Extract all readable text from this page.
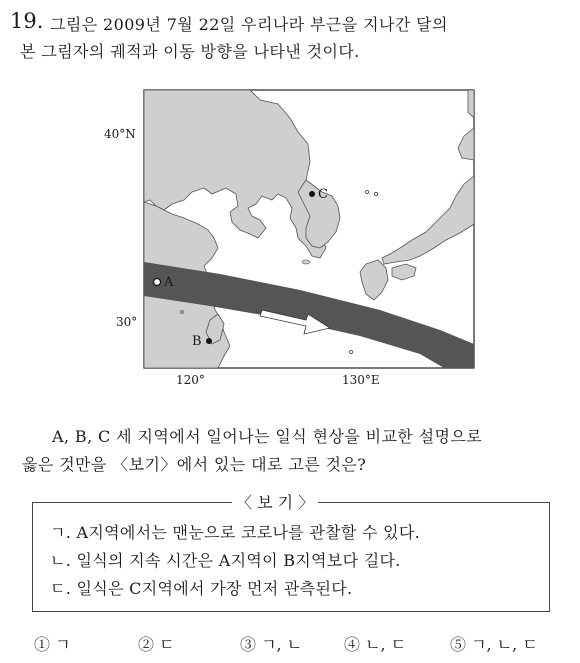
19. 그림은 2009년 7월 22일 우리나라 부근을 지나간 달의
본 그림자의 궤적과 이동 방향을 나타낸 것이다.
40°N
30°
120°	130°E
A
B
C
A, B, C 세 지역에서 일어나는 일식 현상을 비교한 설명으로
옳은 것만을 〈보기〉에서 있는 대로 고른 것은?
〈 보 기 〉
ㄱ. A지역에서는 맨눈으로 코로나를 관찰할 수 있다.
ㄴ. 일식의 지속 시간은 A지역이 B지역보다 길다.
ㄷ. 일식은 C지역에서 가장 먼저 관측된다.
① ㄱ	② ㄷ	③ ㄱ, ㄴ	④ ㄴ, ㄷ	⑤ ㄱ, ㄴ, ㄷ
